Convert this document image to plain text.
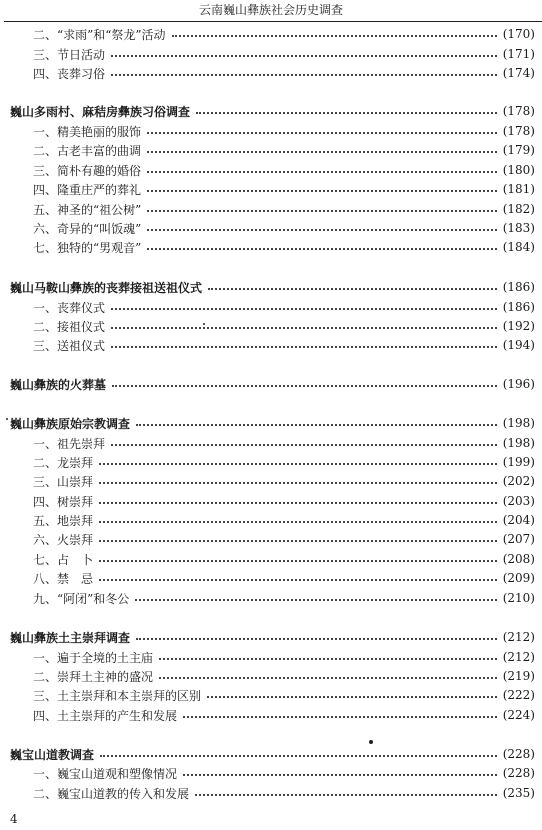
云南巍山彝族社会历史调查
二、“求雨”和“祭龙”活动	(170)
三、节日活动	(171)
四、丧葬习俗	(174)
巍山多雨村、麻秸房彝族习俗调查	(178)
一、精美艳丽的服饰	(178)
二、古老丰富的曲调	(179)
三、简朴有趣的婚俗	(180)
四、隆重庄严的葬礼	(181)
五、神圣的“祖公树”	(182)
六、奇异的“叫饭魂”	(183)
七、独特的“男观音”	(184)
巍山马鞍山彝族的丧葬接祖送祖仪式	(186)
一、丧葬仪式	(186)
二、接祖仪式	(192)
三、送祖仪式	(194)
巍山彝族的火葬墓	(196)
巍山彝族原始宗教调查	(198)
一、祖先崇拜	(198)
二、龙崇拜	(199)
三、山崇拜	(202)
四、树崇拜	(203)
五、地崇拜	(204)
六、火崇拜	(207)
七、占　卜	(208)
八、禁　忌	(209)
九、“阿闭”和冬公	(210)
巍山彝族土主崇拜调查	(212)
一、遍于全境的土主庙	(212)
二、崇拜土主神的盛况	(219)
三、土主崇拜和本主崇拜的区别	(222)
四、土主崇拜的产生和发展	(224)
巍宝山道教调查	(228)
一、巍宝山道观和塑像情况	(228)
二、巍宝山道教的传入和发展	(235)
4
